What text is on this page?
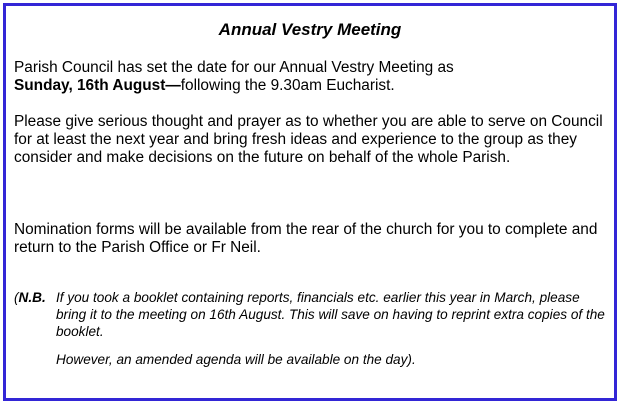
Annual Vestry Meeting
Parish Council has set the date for our Annual Vestry Meeting as
Sunday, 16th August—following the 9.30am Eucharist.
Please give serious thought and prayer as to whether you are able to serve on Council for at least the next year and bring fresh ideas and experience to the group as they consider and make decisions on the future on behalf of the whole Parish.
Nomination forms will be available from the rear of the church for you to complete and return to the Parish Office or Fr Neil.
(N.B. If you took a booklet containing reports, financials etc. earlier this year in March, please bring it to the meeting on 16th August. This will save on having to reprint extra copies of the booklet.
However, an amended agenda will be available on the day).
